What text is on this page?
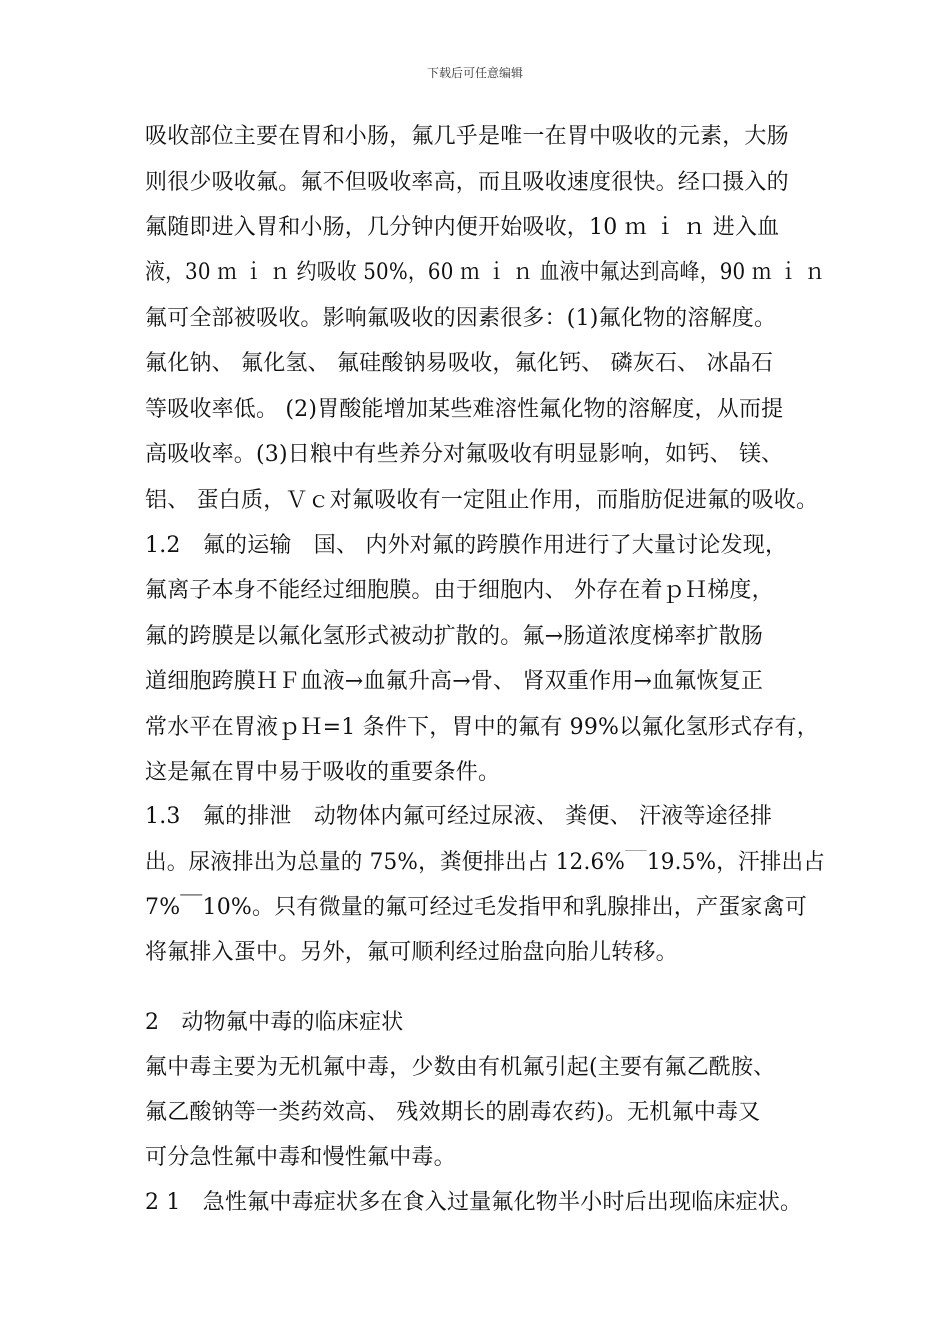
下载后可任意编辑
吸收部位主要在胃和小肠，氟几乎是唯一在胃中吸收的元素，大肠
则很少吸收氟。氟不但吸收率高，而且吸收速度很快。经口摄入的
氟随即进入胃和小肠，几分钟内便开始吸收，10 ｍ ｉ ｎ 进入血
液，30 ｍ ｉ ｎ 约吸收 50%，60 ｍ ｉ ｎ 血液中氟达到高峰，90 ｍ ｉ ｎ
氟可全部被吸收。影响氟吸收的因素很多：(1)氟化物的溶解度。
氟化钠、 氟化氢、 氟硅酸钠易吸收，氟化钙、 磷灰石、 冰晶石
等吸收率低。 (2)胃酸能增加某些难溶性氟化物的溶解度，从而提
高吸收率。(3)日粮中有些养分对氟吸收有明显影响，如钙、 镁、
铝、 蛋白质，Ｖｃ对氟吸收有一定阻止作用，而脂肪促进氟的吸收。
1.2　氟的运输　国、 内外对氟的跨膜作用进行了大量讨论发现，
氟离子本身不能经过细胞膜。由于细胞内、 外存在着ｐＨ梯度，
氟的跨膜是以氟化氢形式被动扩散的。氟→肠道浓度梯率扩散肠
道细胞跨膜ＨＦ血液→血氟升高→骨、 肾双重作用→血氟恢复正
常水平在胃液ｐＨ=1 条件下，胃中的氟有 99%以氟化氢形式存有，
这是氟在胃中易于吸收的重要条件。
1.3　氟的排泄　动物体内氟可经过尿液、 粪便、 汗液等途径排
出。尿液排出为总量的 75%，粪便排出占 12.6%￣19.5%，汗排出占
7%￣10%。只有微量的氟可经过毛发指甲和乳腺排出，产蛋家禽可
将氟排入蛋中。另外，氟可顺利经过胎盘向胎儿转移。
2　动物氟中毒的临床症状
氟中毒主要为无机氟中毒，少数由有机氟引起(主要有氟乙酰胺、
氟乙酸钠等一类药效高、 残效期长的剧毒农药)。无机氟中毒又
可分急性氟中毒和慢性氟中毒。
2 1　急性氟中毒症状多在食入过量氟化物半小时后出现临床症状。
